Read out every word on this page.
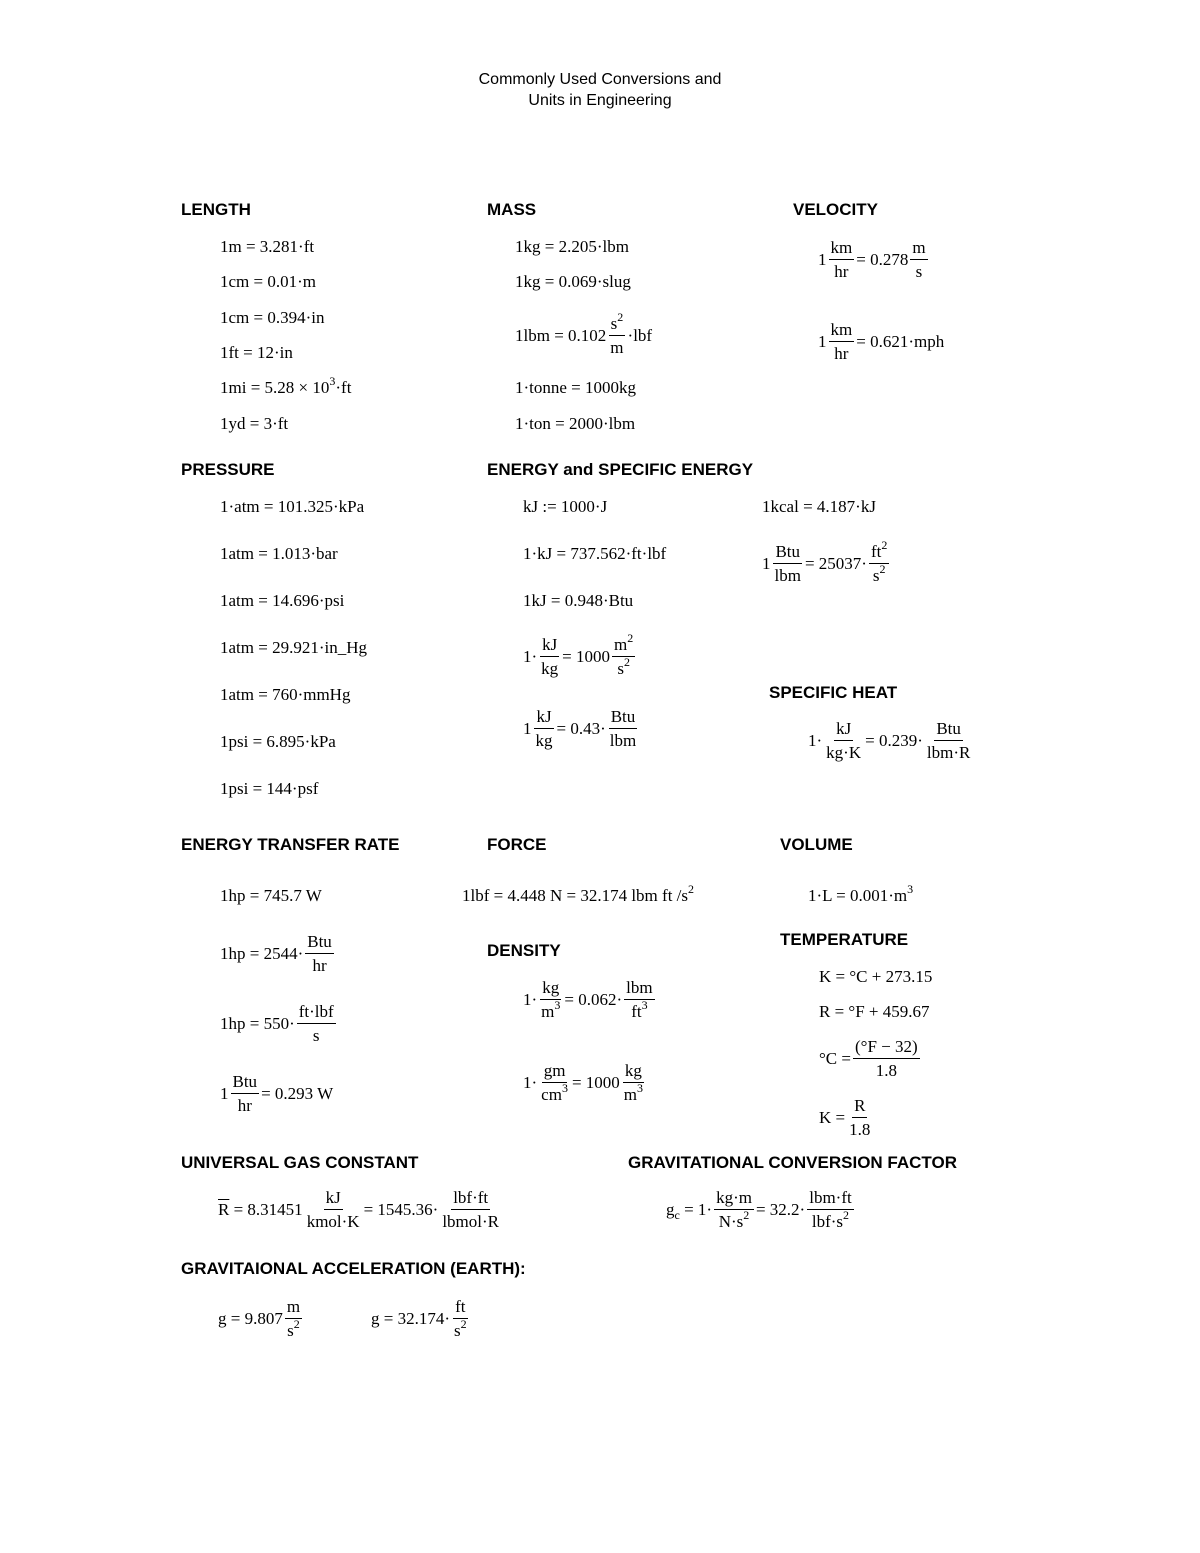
Commonly Used Conversions and
Units in Engineering
LENGTH
1m = 3.281·ft
1cm = 0.01·m
1cm = 0.394·in
1ft = 12·in
$1mi = 5.28 \times 10^3\cdot ft$
1yd = 3·ft
MASS
1kg = 2.205·lbm
1kg = 0.069·slug
$1lbm = 0.102 \frac{s^2}{m} \cdot lbf$
1·tonne = 1000kg
1·ton = 2000·lbm
VELOCITY
$1 \frac{km}{hr} = 0.278 \frac{m}{s}$
$1 \frac{km}{hr} = 0.621\cdot mph$
PRESSURE
1·atm = 101.325·kPa
1atm = 1.013·bar
1atm = 14.696·psi
1atm = 29.921·in_Hg
1atm = 760·mmHg
1psi = 6.895·kPa
1psi = 144·psf
ENERGY and SPECIFIC ENERGY
kJ := 1000·J
1·kJ = 737.562·ft·lbf
1kJ = 0.948·Btu
$1\cdot \frac{kJ}{kg} = 1000 \frac{m^2}{s^2}$
$1 \frac{kJ}{kg} = 0.43\cdot \frac{\text{Btu}}{\text{lbm}}$
1kcal = 4.187·kJ
$1 \frac{\text{Btu}}{\text{lbm}} = 25037\cdot \frac{ft^2}{s^2}$
SPECIFIC HEAT
$1\cdot \frac{kJ}{kg\cdot K} = 0.239\cdot \frac{\text{Btu}}{\text{lbm·R}}$
ENERGY TRANSFER RATE
1hp = 745.7 W
$1hp = 2544\cdot \frac{\text{Btu}}{hr}$
$1hp = 550\cdot \frac{\text{ft·lbf}}{s}$
$1 \frac{\text{Btu}}{hr} = 0.293$ W
FORCE
1lbf = 4.448 N = 32.174 lbm ft $/s^2$
VOLUME
$1\cdot L = 0.001\cdot m^3$
DENSITY
$1\cdot \frac{kg}{m^3} = 0.062\cdot \frac{\text{lbm}}{ft^3}$
$1\cdot \frac{gm}{cm^3} = 1000 \frac{kg}{m^3}$
TEMPERATURE
K = °C + 273.15
R = °F + 459.67
$^\circ C = \frac{(^\circ F - 32)}{1.8}$
$K = \frac{R}{1.8}$
UNIVERSAL GAS CONSTANT
$\overline{R} = 8.31451 \frac{kJ}{\text{kmol·K}} = 1545.36\cdot \frac{\text{lbf·ft}}{\text{lbmol·R}}$
GRAVITATIONAL CONVERSION FACTOR
$g_c = 1\cdot \frac{kg\cdot m}{N\cdot s^2} = 32.2\cdot \frac{\text{lbm·ft}}{lbf\cdot s^2}$
GRAVITAIONAL ACCELERATION (EARTH):
$g = 9.807 \frac{m}{s^2}$	$g = 32.174\cdot \frac{ft}{s^2}$
